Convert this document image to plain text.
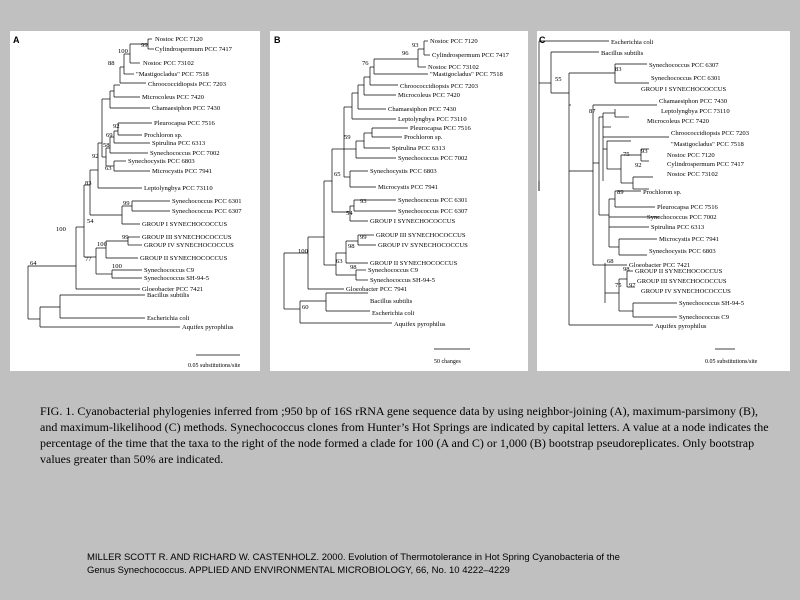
A	Nostoc PCC 7120
Cylindrospermum PCC 7417
Nostoc PCC 73102
"Mastigocladus" PCC 7518
Chroococcidiopsis PCC 7203
Microcoleus PCC 7420
Chamaesiphon PCC 7430
Pleurocapsa PCC 7516
Prochloron sp.
Spirulina PCC 6313
Synechococcus PCC 7002
Synechocystis PCC 6803
Microcystis PCC 7941
Leptolyngbya PCC 73110
Synechococcus PCC 6301
Synechococcus PCC 6307
GROUP I SYNECHOCOCCUS
GROUP III SYNECHOCOCCUS
GROUP IV SYNECHOCOCCUS
GROUP II SYNECHOCOCCUS
Synechococcus C9
Synechococcus SH-94-5
Gloeobacter PCC 7421
Bacillus subtilis
Escherichia coli
Aquifex pyrophilus
99
100
88
92
69
58
92
63
83
99
54
100
99
100
77
100
64
0.05 substitutions/site
B	Nostoc PCC 7120
Cylindrospermum PCC 7417
Nostoc PCC 73102
"Mastigocladus" PCC 7518
Chroococcidiopsis PCC 7203
Microcoleus PCC 7420
Chamaesiphon PCC 7430
Leptolyngbya PCC 73110
Pleurocapsa PCC 7516
Prochloron sp.
Spirulina PCC 6313
Synechococcus PCC 7002
Synechocystis PCC 6803
Microcystis PCC 7941
Synechococcus PCC 6301
Synechococcus PCC 6307
GROUP I SYNECHOCOCCUS
GROUP III SYNECHOCOCCUS
GROUP IV SYNECHOCOCCUS
GROUP II SYNECHOCOCCUS
Synechococcus C9
Synechococcus SH-94-5
Gloeobacter PCC 7941
Bacillus subtilis
Escherichia coli
Aquifex pyrophilus
93
96
76
59
65
93
54
99
98
63
98
100
60
50 changes
C	Escherichia coli
Bacillus subtilis
Synechococcus PCC 6307
Synechococcus PCC 6301
GROUP I SYNECHOCOCCUS
Chamaesiphon PCC 7430
Leptolyngbya PCC 73110
Microcoleus PCC 7420
Chroococcidiopsis PCC 7203
"Mastigocladus" PCC 7518
Nostoc PCC 7120
Cylindrospermum PCC 7417
Nostoc PCC 73102
Prochloron sp.
Pleurocapsa PCC 7516
Synechococcus PCC 7002
Spirulina PCC 6313
Microcystis PCC 7941
Synechocystis PCC 6803
Gloeobacter PCC 7421
GROUP II SYNECHOCOCCUS
GROUP III SYNECHOCOCCUS
GROUP IV SYNECHOCOCCUS
Synechococcus SH-94-5
Synechococcus C9
Aquifex pyrophilus
55
83
87
75 93
92
89
68
98
75 97
0.05 substitutions/site
FIG. 1. Cyanobacterial phylogenies inferred from ;950 bp of 16S rRNA gene sequence data by using neighbor-joining (A), maximum-parsimony (B), and maximum-likelihood (C) methods. Synechococcus clones from Hunter’s Hot Springs are indicated by capital letters. A value at a node indicates the percentage of the time that the taxa to the right of the node formed a clade for 100 (A and C) or 1,000 (B) bootstrap pseudoreplicates. Only bootstrap values greater than 50% are indicated.
MILLER SCOTT R. AND RICHARD W. CASTENHOLZ. 2000. Evolution of Thermotolerance in Hot Spring Cyanobacteria of the
Genus Synechococcus. APPLIED AND ENVIRONMENTAL MICROBIOLOGY, 66, No. 10 4222–4229
